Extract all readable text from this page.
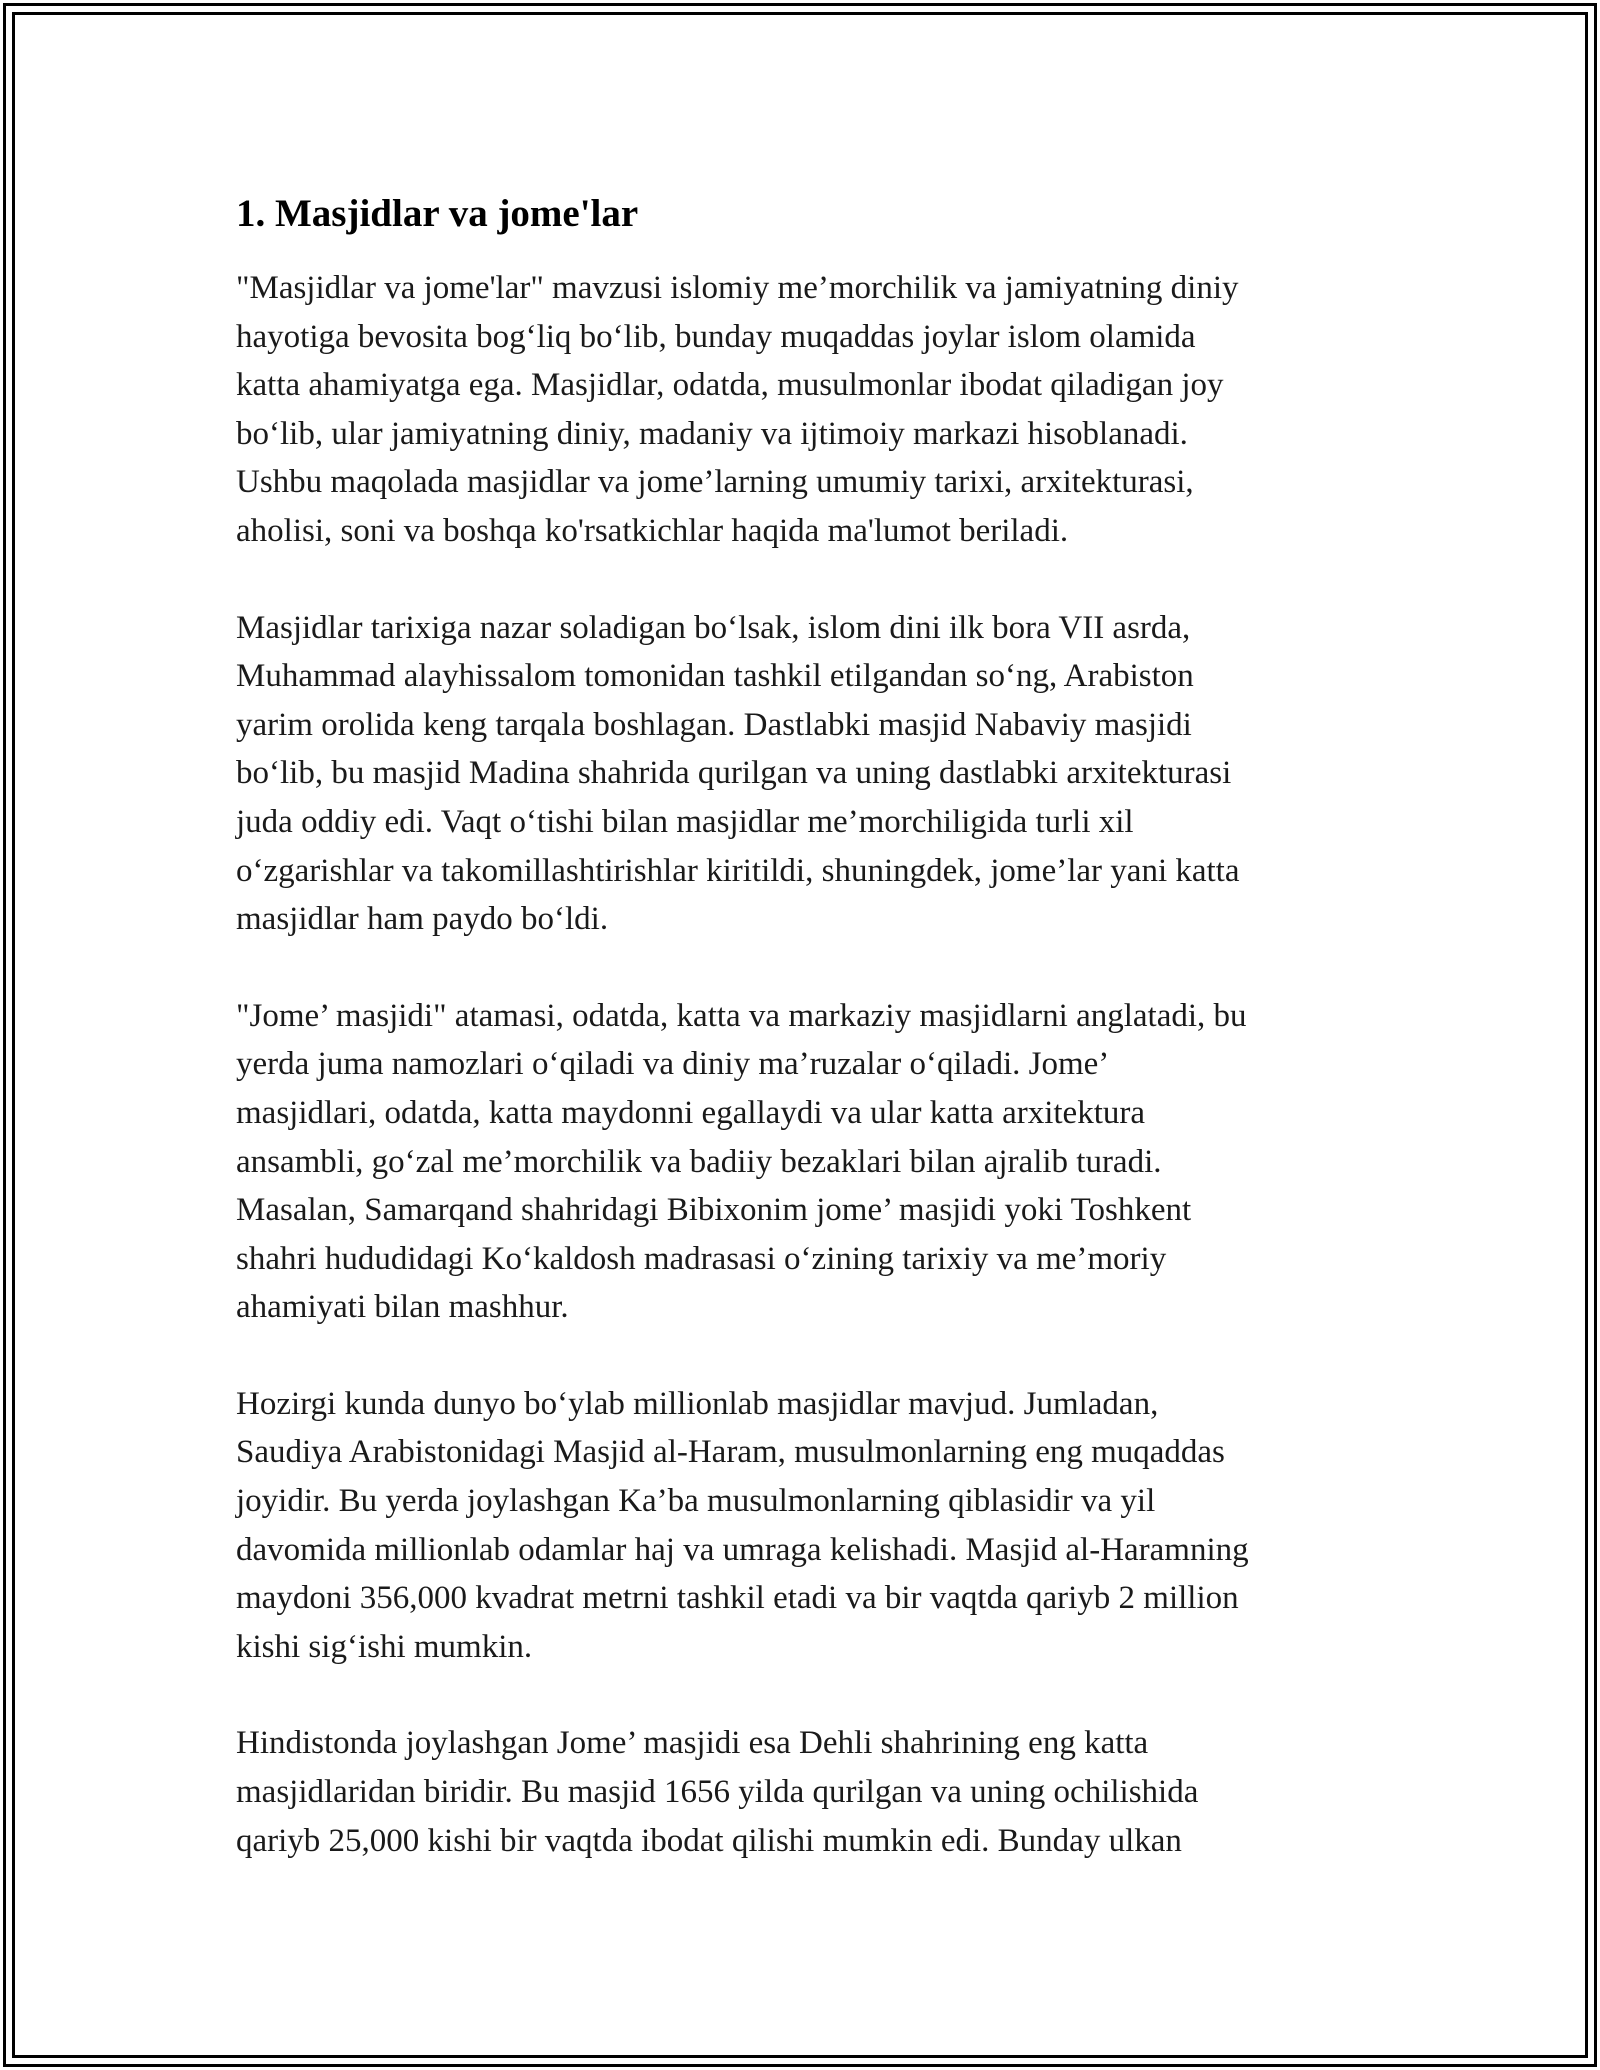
1. Masjidlar va jome'lar

"Masjidlar va jome'lar" mavzusi islomiy me’morchilik va jamiyatning diniy
hayotiga bevosita bog‘liq bo‘lib, bunday muqaddas joylar islom olamida
katta ahamiyatga ega. Masjidlar, odatda, musulmonlar ibodat qiladigan joy
bo‘lib, ular jamiyatning diniy, madaniy va ijtimoiy markazi hisoblanadi.
Ushbu maqolada masjidlar va jome’larning umumiy tarixi, arxitekturasi,
aholisi, soni va boshqa ko'rsatkichlar haqida ma'lumot beriladi.

Masjidlar tarixiga nazar soladigan bo‘lsak, islom dini ilk bora VII asrda,
Muhammad alayhissalom tomonidan tashkil etilgandan so‘ng, Arabiston
yarim orolida keng tarqala boshlagan. Dastlabki masjid Nabaviy masjidi
bo‘lib, bu masjid Madina shahrida qurilgan va uning dastlabki arxitekturasi
juda oddiy edi. Vaqt o‘tishi bilan masjidlar me’morchiligida turli xil
o‘zgarishlar va takomillashtirishlar kiritildi, shuningdek, jome’lar yani katta
masjidlar ham paydo bo‘ldi.

"Jome’ masjidi" atamasi, odatda, katta va markaziy masjidlarni anglatadi, bu
yerda juma namozlari o‘qiladi va diniy ma’ruzalar o‘qiladi. Jome’
masjidlari, odatda, katta maydonni egallaydi va ular katta arxitektura
ansambli, go‘zal me’morchilik va badiiy bezaklari bilan ajralib turadi.
Masalan, Samarqand shahridagi Bibixonim jome’ masjidi yoki Toshkent
shahri hududidagi Ko‘kaldosh madrasasi o‘zining tarixiy va me’moriy
ahamiyati bilan mashhur.

Hozirgi kunda dunyo bo‘ylab millionlab masjidlar mavjud. Jumladan,
Saudiya Arabistonidagi Masjid al-Haram, musulmonlarning eng muqaddas
joyidir. Bu yerda joylashgan Ka’ba musulmonlarning qiblasidir va yil
davomida millionlab odamlar haj va umraga kelishadi. Masjid al-Haramning
maydoni 356,000 kvadrat metrni tashkil etadi va bir vaqtda qariyb 2 million
kishi sig‘ishi mumkin.

Hindistonda joylashgan Jome’ masjidi esa Dehli shahrining eng katta
masjidlaridan biridir. Bu masjid 1656 yilda qurilgan va uning ochilishida
qariyb 25,000 kishi bir vaqtda ibodat qilishi mumkin edi. Bunday ulkan
